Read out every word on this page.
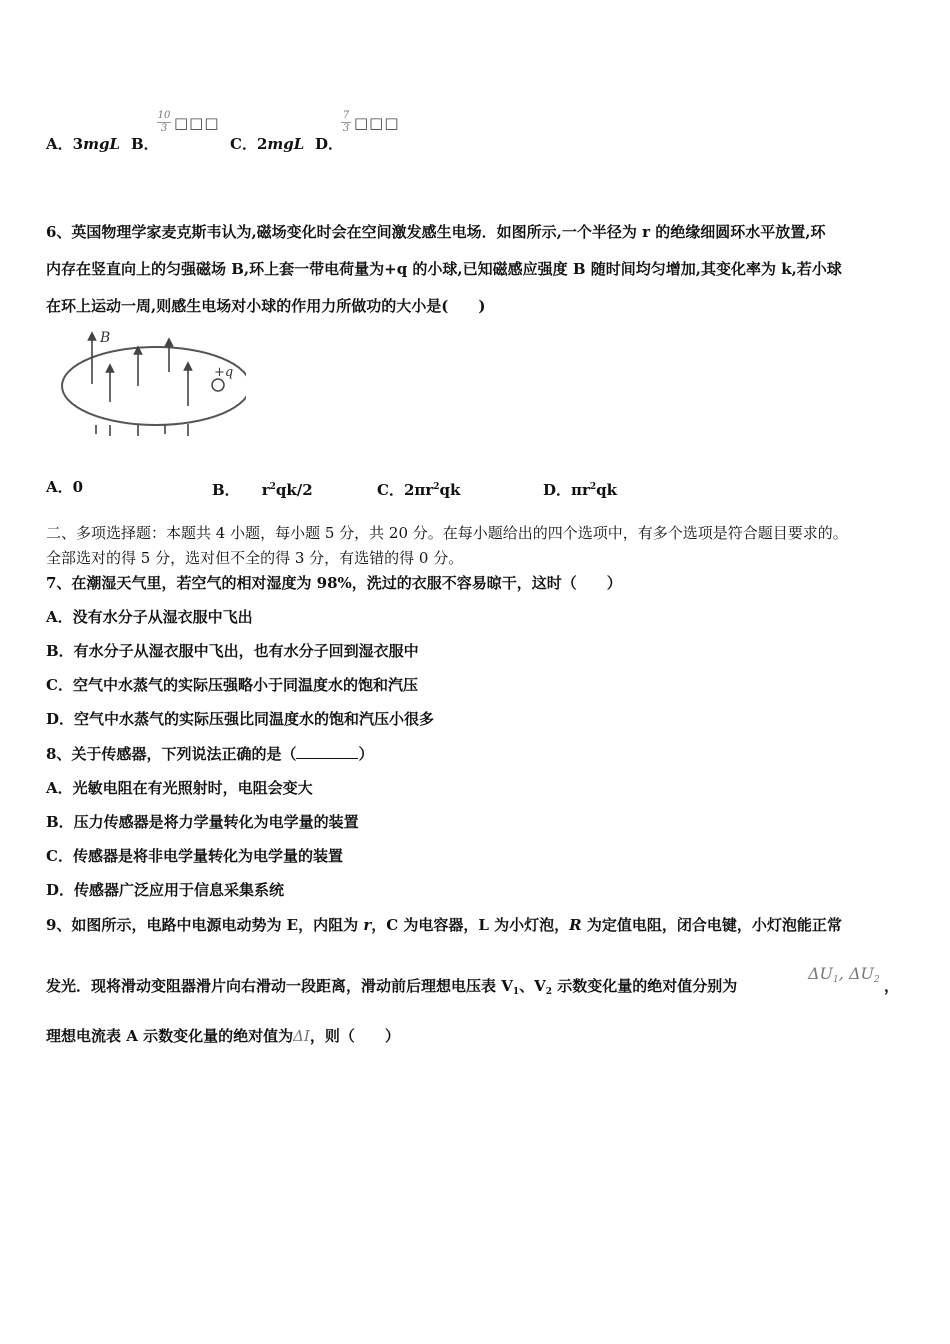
A．3mgL B．
$\frac{10}{3}$ □□□
C．2mgL D．
$\frac{7}{3}$ □□□
6、英国物理学家麦克斯韦认为,磁场变化时会在空间激发感生电场．如图所示,一个半径为 r 的绝缘细圆环水平放置,环
内存在竖直向上的匀强磁场 B,环上套一带电荷量为+q 的小球,已知磁感应强度 B 随时间均匀增加,其变化率为 k,若小球
在环上运动一周,则感生电场对小球的作用力所做功的大小是(　　)
B
+q
A．0	B． $r^2qk/2$	C．$2\pi r^2qk$	D．$\pi r^2qk$
二、多项选择题：本题共 4 小题，每小题 5 分，共 20 分。在每小题给出的四个选项中，有多个选项是符合题目要求的。
全部选对的得 5 分，选对但不全的得 3 分，有选错的得 0 分。
7、在潮湿天气里，若空气的相对湿度为 98%，洗过的衣服不容易晾干，这时（　　）
A．没有水分子从湿衣服中飞出
B．有水分子从湿衣服中飞出，也有水分子回到湿衣服中
C．空气中水蒸气的实际压强略小于同温度水的饱和汽压
D．空气中水蒸气的实际压强比同温度水的饱和汽压小很多
8、关于传感器，下列说法正确的是（	）
A．光敏电阻在有光照射时，电阻会变大
B．压力传感器是将力学量转化为电学量的装置
C．传感器是将非电学量转化为电学量的装置
D．传感器广泛应用于信息采集系统
9、如图所示，电路中电源电动势为 E，内阻为 r，C 为电容器，L 为小灯泡，R 为定值电阻，闭合电键，小灯泡能正常
发光．现将滑动变阻器滑片向右滑动一段距离，滑动前后理想电压表 $V_1$、$V_2$ 示数变化量的绝对值分别为
$\Delta U_1$, $\Delta U_2$ ，
理想电流表 A 示数变化量的绝对值为ΔI，则（　　）
